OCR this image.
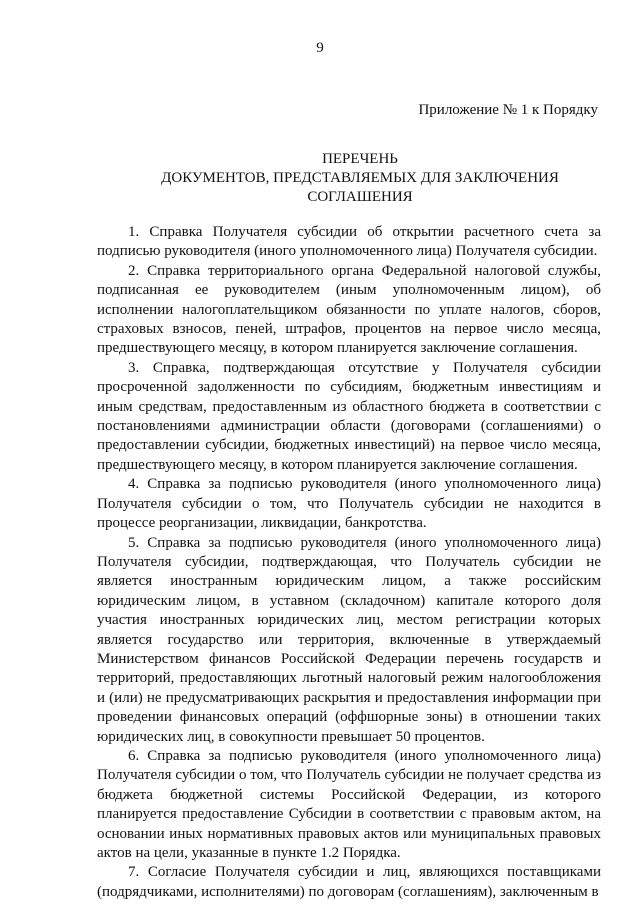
9
Приложение № 1 к Порядку
ПЕРЕЧЕНЬ
ДОКУМЕНТОВ, ПРЕДСТАВЛЯЕМЫХ ДЛЯ ЗАКЛЮЧЕНИЯ
СОГЛАШЕНИЯ

1. Справка Получателя субсидии об открытии расчетного счета за подписью руководителя (иного уполномоченного лица) Получателя субсидии.

2. Справка территориального органа Федеральной налоговой службы, подписанная ее руководителем (иным уполномоченным лицом), об исполнении налогоплательщиком обязанности по уплате налогов, сборов, страховых взносов, пеней, штрафов, процентов на первое число месяца, предшествующего месяцу, в котором планируется заключение соглашения.

3. Справка, подтверждающая отсутствие у Получателя субсидии просроченной задолженности по субсидиям, бюджетным инвестициям и иным средствам, предоставленным из областного бюджета в соответствии с постановлениями администрации области (договорами (соглашениями) о предоставлении субсидии, бюджетных инвестиций) на первое число месяца, предшествующего месяцу, в котором планируется заключение соглашения.

4. Справка за подписью руководителя (иного уполномоченного лица) Получателя субсидии о том, что Получатель субсидии не находится в процессе реорганизации, ликвидации, банкротства.

5. Справка за подписью руководителя (иного уполномоченного лица) Получателя субсидии, подтверждающая, что Получатель субсидии не является иностранным юридическим лицом, а также российским юридическим лицом, в уставном (складочном) капитале которого доля участия иностранных юридических лиц, местом регистрации которых является государство или территория, включенные в утверждаемый Министерством финансов Российской Федерации перечень государств и территорий, предоставляющих льготный налоговый режим налогообложения и (или) не предусматривающих раскрытия и предоставления информации при проведении финансовых операций (оффшорные зоны) в отношении таких юридических лиц, в совокупности превышает 50 процентов.

6. Справка за подписью руководителя (иного уполномоченного лица) Получателя субсидии о том, что Получатель субсидии не получает средства из бюджета бюджетной системы Российской Федерации, из которого планируется предоставление Субсидии в соответствии с правовым актом, на основании иных нормативных правовых актов или муниципальных правовых актов на цели, указанные в пункте 1.2 Порядка.

7. Согласие Получателя субсидии и лиц, являющихся поставщиками (подрядчиками, исполнителями) по договорам (соглашениям), заключенным в
